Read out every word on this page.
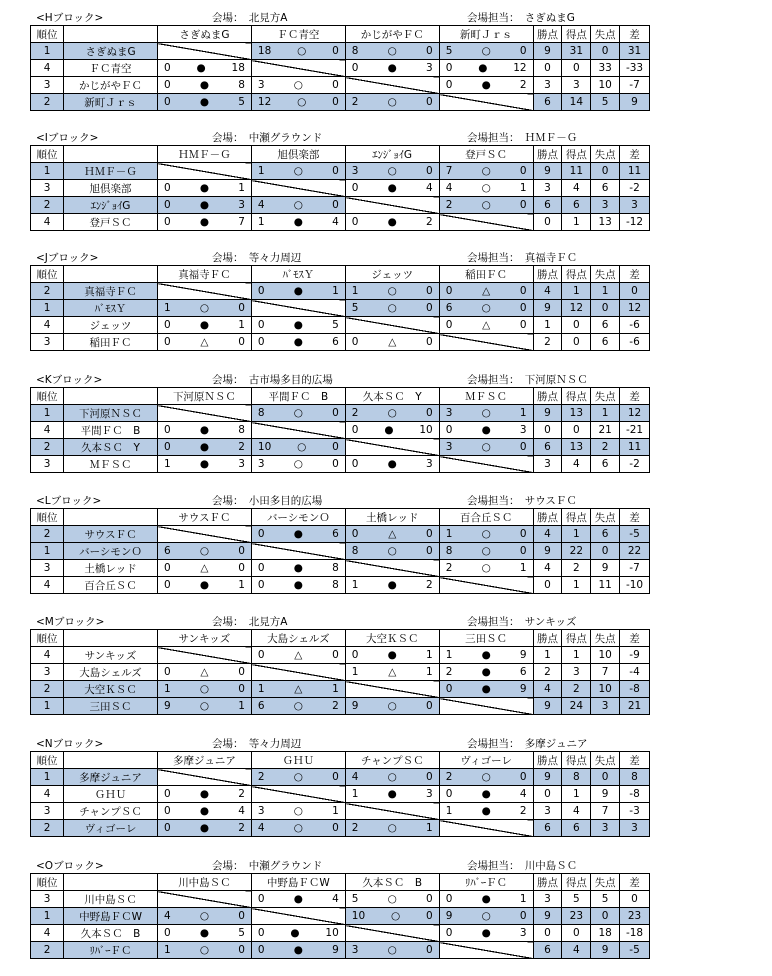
<Hブロック>	会場：　北見方A	会場担当：　さぎぬまG
順位		さぎぬまG	ＦＣ青空	かじがやＦＣ	新町Ｊｒｓ	勝点	得点	失点	差
1	さぎぬまG		18 ○ 0	8 ○ 0	5 ○ 0	9	31	0	31
4	ＦＣ青空	0 ● 18		0 ● 3	0 ● 12	0	0	33	-33
3	かじがやＦＣ	0 ● 8	3 ○ 0		0 ● 2	3	3	10	-7
2	新町Ｊｒｓ	0 ● 5	12 ○ 0	2 ○ 0		6	14	5	9
<Iブロック>	会場：　中瀬グラウンド	会場担当：　ＨＭＦ－Ｇ
順位		ＨＭＦ－Ｇ	旭倶楽部	ｴﾝｼﾞｮｲG	登戸ＳＣ	勝点	得点	失点	差
1	ＨＭＦ－Ｇ		1 ○ 0	3 ○ 0	7 ○ 0	9	11	0	11
3	旭倶楽部	0 ● 1		0 ● 4	4 ○ 1	3	4	6	-2
2	ｴﾝｼﾞｮｲG	0 ● 3	4 ○ 0		2 ○ 0	6	6	3	3
4	登戸ＳＣ	0 ● 7	1 ● 4	0 ● 2		0	1	13	-12
<Jブロック>	会場：　等々力周辺	会場担当：　真福寺ＦＣ
順位		真福寺ＦＣ	ﾊﾞﾓｽＹ	ジェッツ	稲田ＦＣ	勝点	得点	失点	差
2	真福寺ＦＣ		0 ● 1	1 ○ 0	0 △ 0	4	1	1	0
1	ﾊﾞﾓｽＹ	1 ○ 0		5 ○ 0	6 ○ 0	9	12	0	12
4	ジェッツ	0 ● 1	0 ● 5		0 △ 0	1	0	6	-6
3	稲田ＦＣ	0 △ 0	0 ● 6	0 △ 0		2	0	6	-6
<Kブロック>	会場：　古市場多目的広場	会場担当：　下河原ＮＳＣ
順位		下河原ＮＳＣ	平間ＦＣ　B	久本ＳＣ　Y	ＭＦＳＣ	勝点	得点	失点	差
1	下河原ＮＳＣ		8 ○ 0	2 ○ 0	3 ○ 1	9	13	1	12
4	平間ＦＣ　B	0 ● 8		0 ● 10	0 ● 3	0	0	21	-21
2	久本ＳＣ　Y	0 ● 2	10 ○ 0		3 ○ 0	6	13	2	11
3	ＭＦＳＣ	1 ● 3	3 ○ 0	0 ● 3		3	4	6	-2
<Lブロック>	会場：　小田多目的広場	会場担当：　サウスＦＣ
順位		サウスＦＣ	バーシモンＯ	土橋レッド	百合丘ＳＣ	勝点	得点	失点	差
2	サウスＦＣ		0 ● 6	0 △ 0	1 ○ 0	4	1	6	-5
1	バーシモンＯ	6 ○ 0		8 ○ 0	8 ○ 0	9	22	0	22
3	土橋レッド	0 △ 0	0 ● 8		2 ○ 1	4	2	9	-7
4	百合丘ＳＣ	0 ● 1	0 ● 8	1 ● 2		0	1	11	-10
<Mブロック>	会場：　北見方A	会場担当：　サンキッズ
順位		サンキッズ	大島シェルズ	大空ＫＳＣ	三田ＳＣ	勝点	得点	失点	差
4	サンキッズ		0 △ 0	0 ● 1	1 ● 9	1	1	10	-9
3	大島シェルズ	0 △ 0		1 △ 1	2 ● 6	2	3	7	-4
2	大空ＫＳＣ	1 ○ 0	1 △ 1		0 ● 9	4	2	10	-8
1	三田ＳＣ	9 ○ 1	6 ○ 2	9 ○ 0		9	24	3	21
<Nブロック>	会場：　等々力周辺	会場担当：　多摩ジュニア
順位		多摩ジュニア	ＧＨＵ	チャンプＳＣ	ヴィゴーレ	勝点	得点	失点	差
1	多摩ジュニア		2 ○ 0	4 ○ 0	2 ○ 0	9	8	0	8
4	ＧＨＵ	0 ● 2		1 ● 3	0 ● 4	0	1	9	-8
3	チャンプＳＣ	0 ● 4	3 ○ 1		1 ● 2	3	4	7	-3
2	ヴィゴーレ	0 ● 2	4 ○ 0	2 ○ 1		6	6	3	3
<Oブロック>	会場：　中瀬グラウンド	会場担当：　川中島ＳＣ
順位		川中島ＳＣ	中野島ＦＣW	久本ＳＣ　B	ﾘﾊﾞｰＦＣ	勝点	得点	失点	差
3	川中島ＳＣ		0 ● 4	5 ○ 0	0 ● 1	3	5	5	0
1	中野島ＦＣW	4 ○ 0		10 ○ 0	9 ○ 0	9	23	0	23
4	久本ＳＣ　B	0 ● 5	0 ● 10		0 ● 3	0	0	18	-18
2	ﾘﾊﾞｰＦＣ	1 ○ 0	0 ● 9	3 ○ 0		6	4	9	-5
